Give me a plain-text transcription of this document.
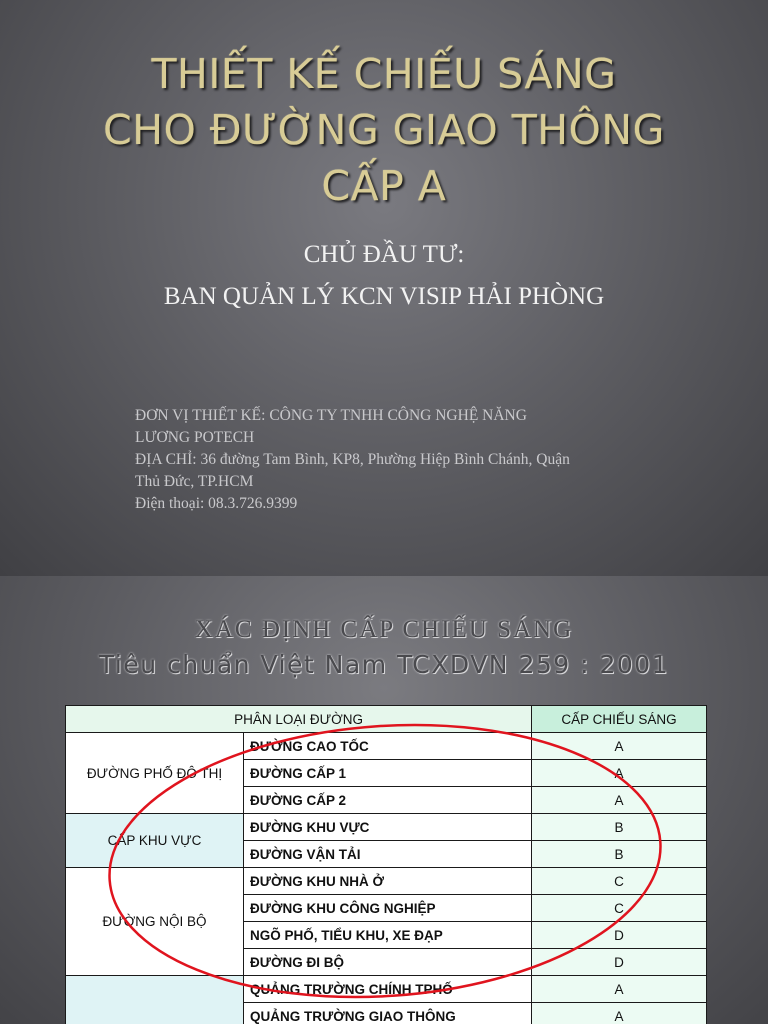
THIẾT KẾ CHIẾU SÁNG
CHO ĐƯỜNG GIAO THÔNG
CẤP A
CHỦ ĐẦU TƯ:
BAN QUẢN LÝ KCN VISIP HẢI PHÒNG
ĐƠN VỊ THIẾT KẾ: CÔNG TY TNHH CÔNG NGHỆ NĂNG
LƯƠNG POTECH
ĐỊA CHỈ: 36 đường Tam Bình, KP8, Phường Hiệp Bình Chánh, Quận
Thủ Đức, TP.HCM
Điện thoại: 08.3.726.9399
XÁC ĐỊNH CẤP CHIẾU SÁNG
Tiêu chuẩn Việt Nam TCXDVN 259 : 2001
PHÂN LOẠI ĐƯỜNG		CẤP CHIẾU SÁNG
ĐƯỜNG PHỐ ĐÔ THỊ	ĐƯỜNG CAO TỐC	A
	ĐƯỜNG CẤP 1	A
	ĐƯỜNG CẤP 2	A
CẤP KHU VỰC	ĐƯỜNG KHU VỰC	B
	ĐƯỜNG VẬN TẢI	B
ĐƯỜNG NỘI BỘ	ĐƯỜNG KHU NHÀ Ở	C
	ĐƯỜNG KHU CÔNG NGHIỆP	C
	NGÕ PHỐ, TIỂU KHU, XE ĐẠP	D
	ĐƯỜNG ĐI BỘ	D
	QUẢNG TRƯỜNG CHÍNH TPHỐ	A
	QUẢNG TRƯỜNG GIAO THÔNG	A
